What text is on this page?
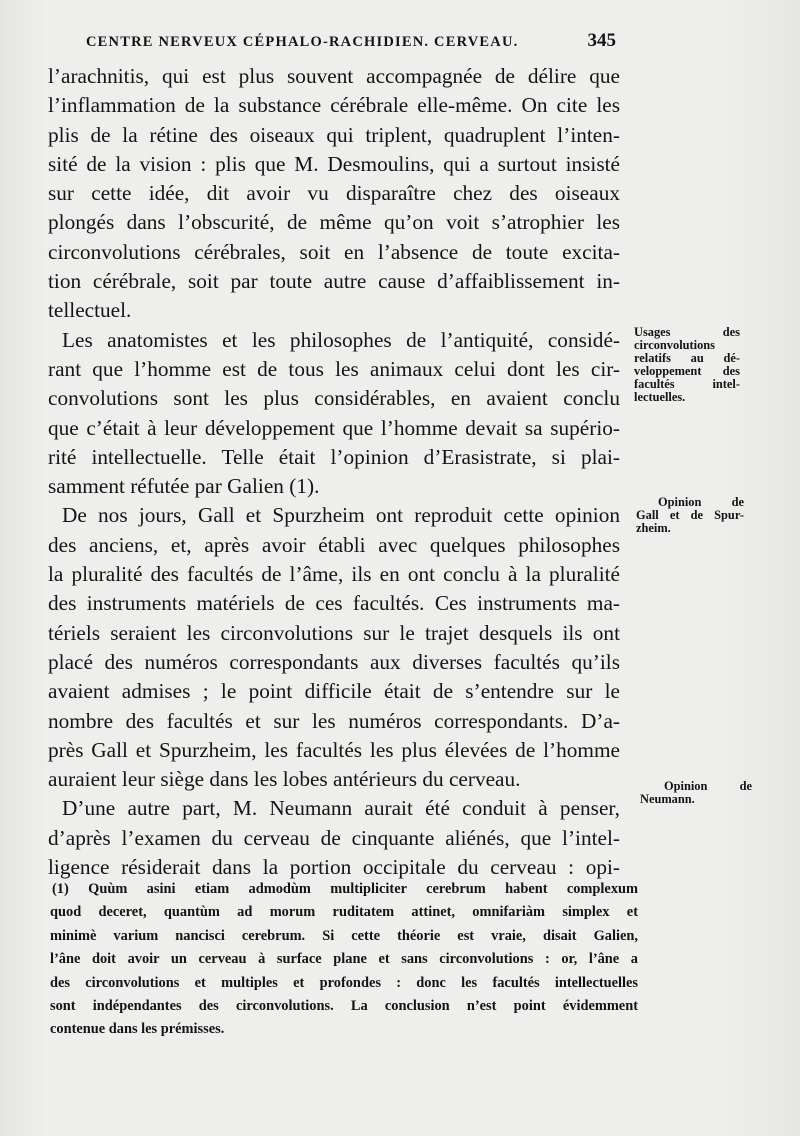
CENTRE NERVEUX CÉPHALO-RACHIDIEN. CERVEAU.	345

l’arachnitis, qui est plus souvent accompagnée de délire que
l’inflammation de la substance cérébrale elle-même. On cite les
plis de la rétine des oiseaux qui triplent, quadruplent l’inten-
sité de la vision : plis que M. Desmoulins, qui a surtout insisté
sur cette idée, dit avoir vu disparaître chez des oiseaux
plongés dans l’obscurité, de même qu’on voit s’atrophier les
circonvolutions cérébrales, soit en l’absence de toute excita-
tion cérébrale, soit par toute autre cause d’affaiblissement in-
tellectuel.

Les anatomistes et les philosophes de l’antiquité, considé-
rant que l’homme est de tous les animaux celui dont les cir-
convolutions sont les plus considérables, en avaient conclu
que c’était à leur développement que l’homme devait sa supério-
rité intellectuelle. Telle était l’opinion d’Erasistrate, si plai-
samment réfutée par Galien (1).

De nos jours, Gall et Spurzheim ont reproduit cette opinion
des anciens, et, après avoir établi avec quelques philosophes
la pluralité des facultés de l’âme, ils en ont conclu à la pluralité
des instruments matériels de ces facultés. Ces instruments ma-
tériels seraient les circonvolutions sur le trajet desquels ils ont
placé des numéros correspondants aux diverses facultés qu’ils
avaient admises ; le point difficile était de s’entendre sur le
nombre des facultés et sur les numéros correspondants. D’a-
près Gall et Spurzheim, les facultés les plus élevées de l’homme
auraient leur siège dans les lobes antérieurs du cerveau.

D’une autre part, M. Neumann aurait été conduit à penser,
d’après l’examen du cerveau de cinquante aliénés, que l’intel-
ligence résiderait dans la portion occipitale du cerveau : opi-

Usages des
circonvolutions
relatifs au dé-
veloppement des
facultés intel-
lectuelles.
Opinion de
Gall et de Spur-
zheim.
Opinion de
Neumann.
(1) Quùm asini etiam admodùm multipliciter cerebrum habent complexum
quod deceret, quantùm ad morum ruditatem attinet, omnifariàm simplex et
minimè varium nancisci cerebrum. Si cette théorie est vraie, disait Galien,
l’âne doit avoir un cerveau à surface plane et sans circonvolutions : or, l’âne a
des circonvolutions et multiples et profondes : donc les facultés intellectuelles
sont indépendantes des circonvolutions. La conclusion n’est point évidemment
contenue dans les prémisses.
